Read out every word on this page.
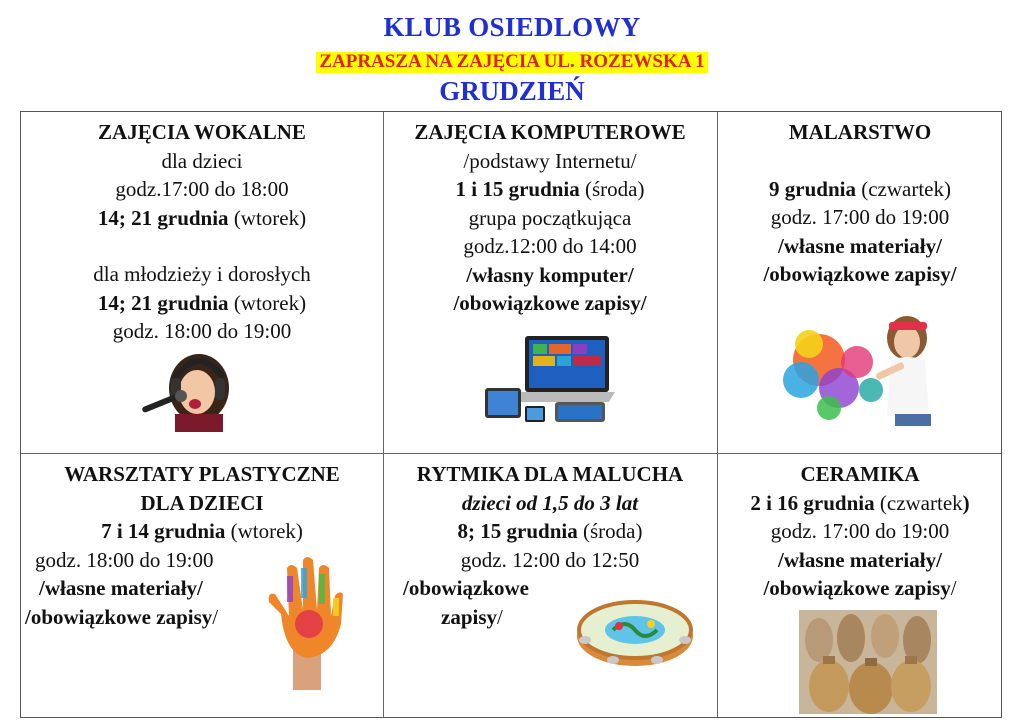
KLUB OSIEDLOWY
ZAPRASZA NA ZAJĘCIA UL. ROZEWSKA 1
GRUDZIEŃ
ZAJĘCIA WOKALNE
dla dzieci
godz.17:00 do 18:00
14; 21 grudnia (wtorek)
dla młodzieży i dorosłych
14; 21 grudnia (wtorek)
godz. 18:00 do 19:00
ZAJĘCIA KOMPUTEROWE
/podstawy Internetu/
1 i 15 grudnia (środa)
grupa początkująca
godz.12:00 do 14:00
/własny komputer/
/obowiązkowe zapisy/
MALARSTWO
9 grudnia (czwartek)
godz. 17:00 do 19:00
/własne materiały/
/obowiązkowe zapisy/
WARSZTATY PLASTYCZNE
DLA DZIECI
7 i 14 grudnia (wtorek)
godz. 18:00 do 19:00
/własne materiały/
/obowiązkowe zapisy/
RYTMIKA DLA MALUCHA
dzieci od 1,5 do 3 lat
8; 15 grudnia (środa)
godz. 12:00 do 12:50
/obowiązkowe
zapisy/
CERAMIKA
2 i 16 grudnia (czwartek)
godz. 17:00 do 19:00
/własne materiały/
/obowiązkowe zapisy/
